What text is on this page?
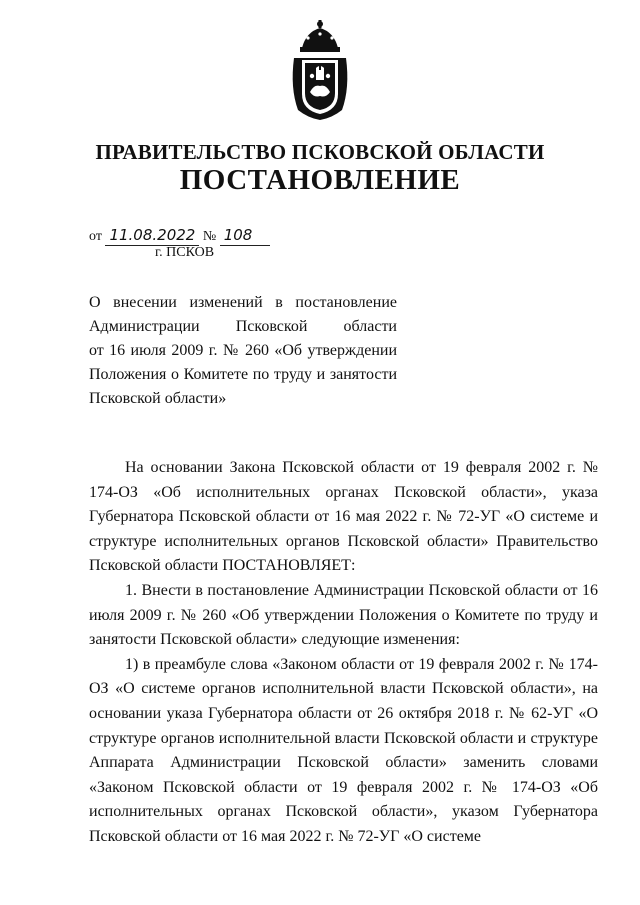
ПРАВИТЕЛЬСТВО ПСКОВСКОЙ ОБЛАСТИ
ПОСТАНОВЛЕНИЕ
от 11.08.2022 № 108
г. ПСКОВ

О внесении изменений в постановление

Администрации Псковской области

от 16 июля 2009 г. № 260 «Об утверждении

Положения о Комитете по труду и занятости

Псковской области»

На основании Закона Псковской области от 19 февраля 2002 г. № 174-ОЗ «Об исполнительных органах Псковской области», указа Губернатора Псковской области от 16 мая 2022 г. № 72-УГ «О системе и структуре исполнительных органов Псковской области» Правительство Псковской области ПОСТАНОВЛЯЕТ:

1. Внести в постановление Администрации Псковской области от 16 июля 2009 г. № 260 «Об утверждении Положения о Комитете по труду и занятости Псковской области» следующие изменения:

1) в преамбуле слова «Законом области от 19 февраля 2002 г. № 174-ОЗ «О системе органов исполнительной власти Псковской области», на основании указа Губернатора области от 26 октября 2018 г. № 62-УГ «О структуре органов исполнительной власти Псковской области и структуре Аппарата Администрации Псковской области» заменить словами «Законом Псковской области от 19 февраля 2002 г. № 174-ОЗ «Об исполнительных органах Псковской области», указом Губернатора Псковской области от 16 мая 2022 г. № 72-УГ «О системе
